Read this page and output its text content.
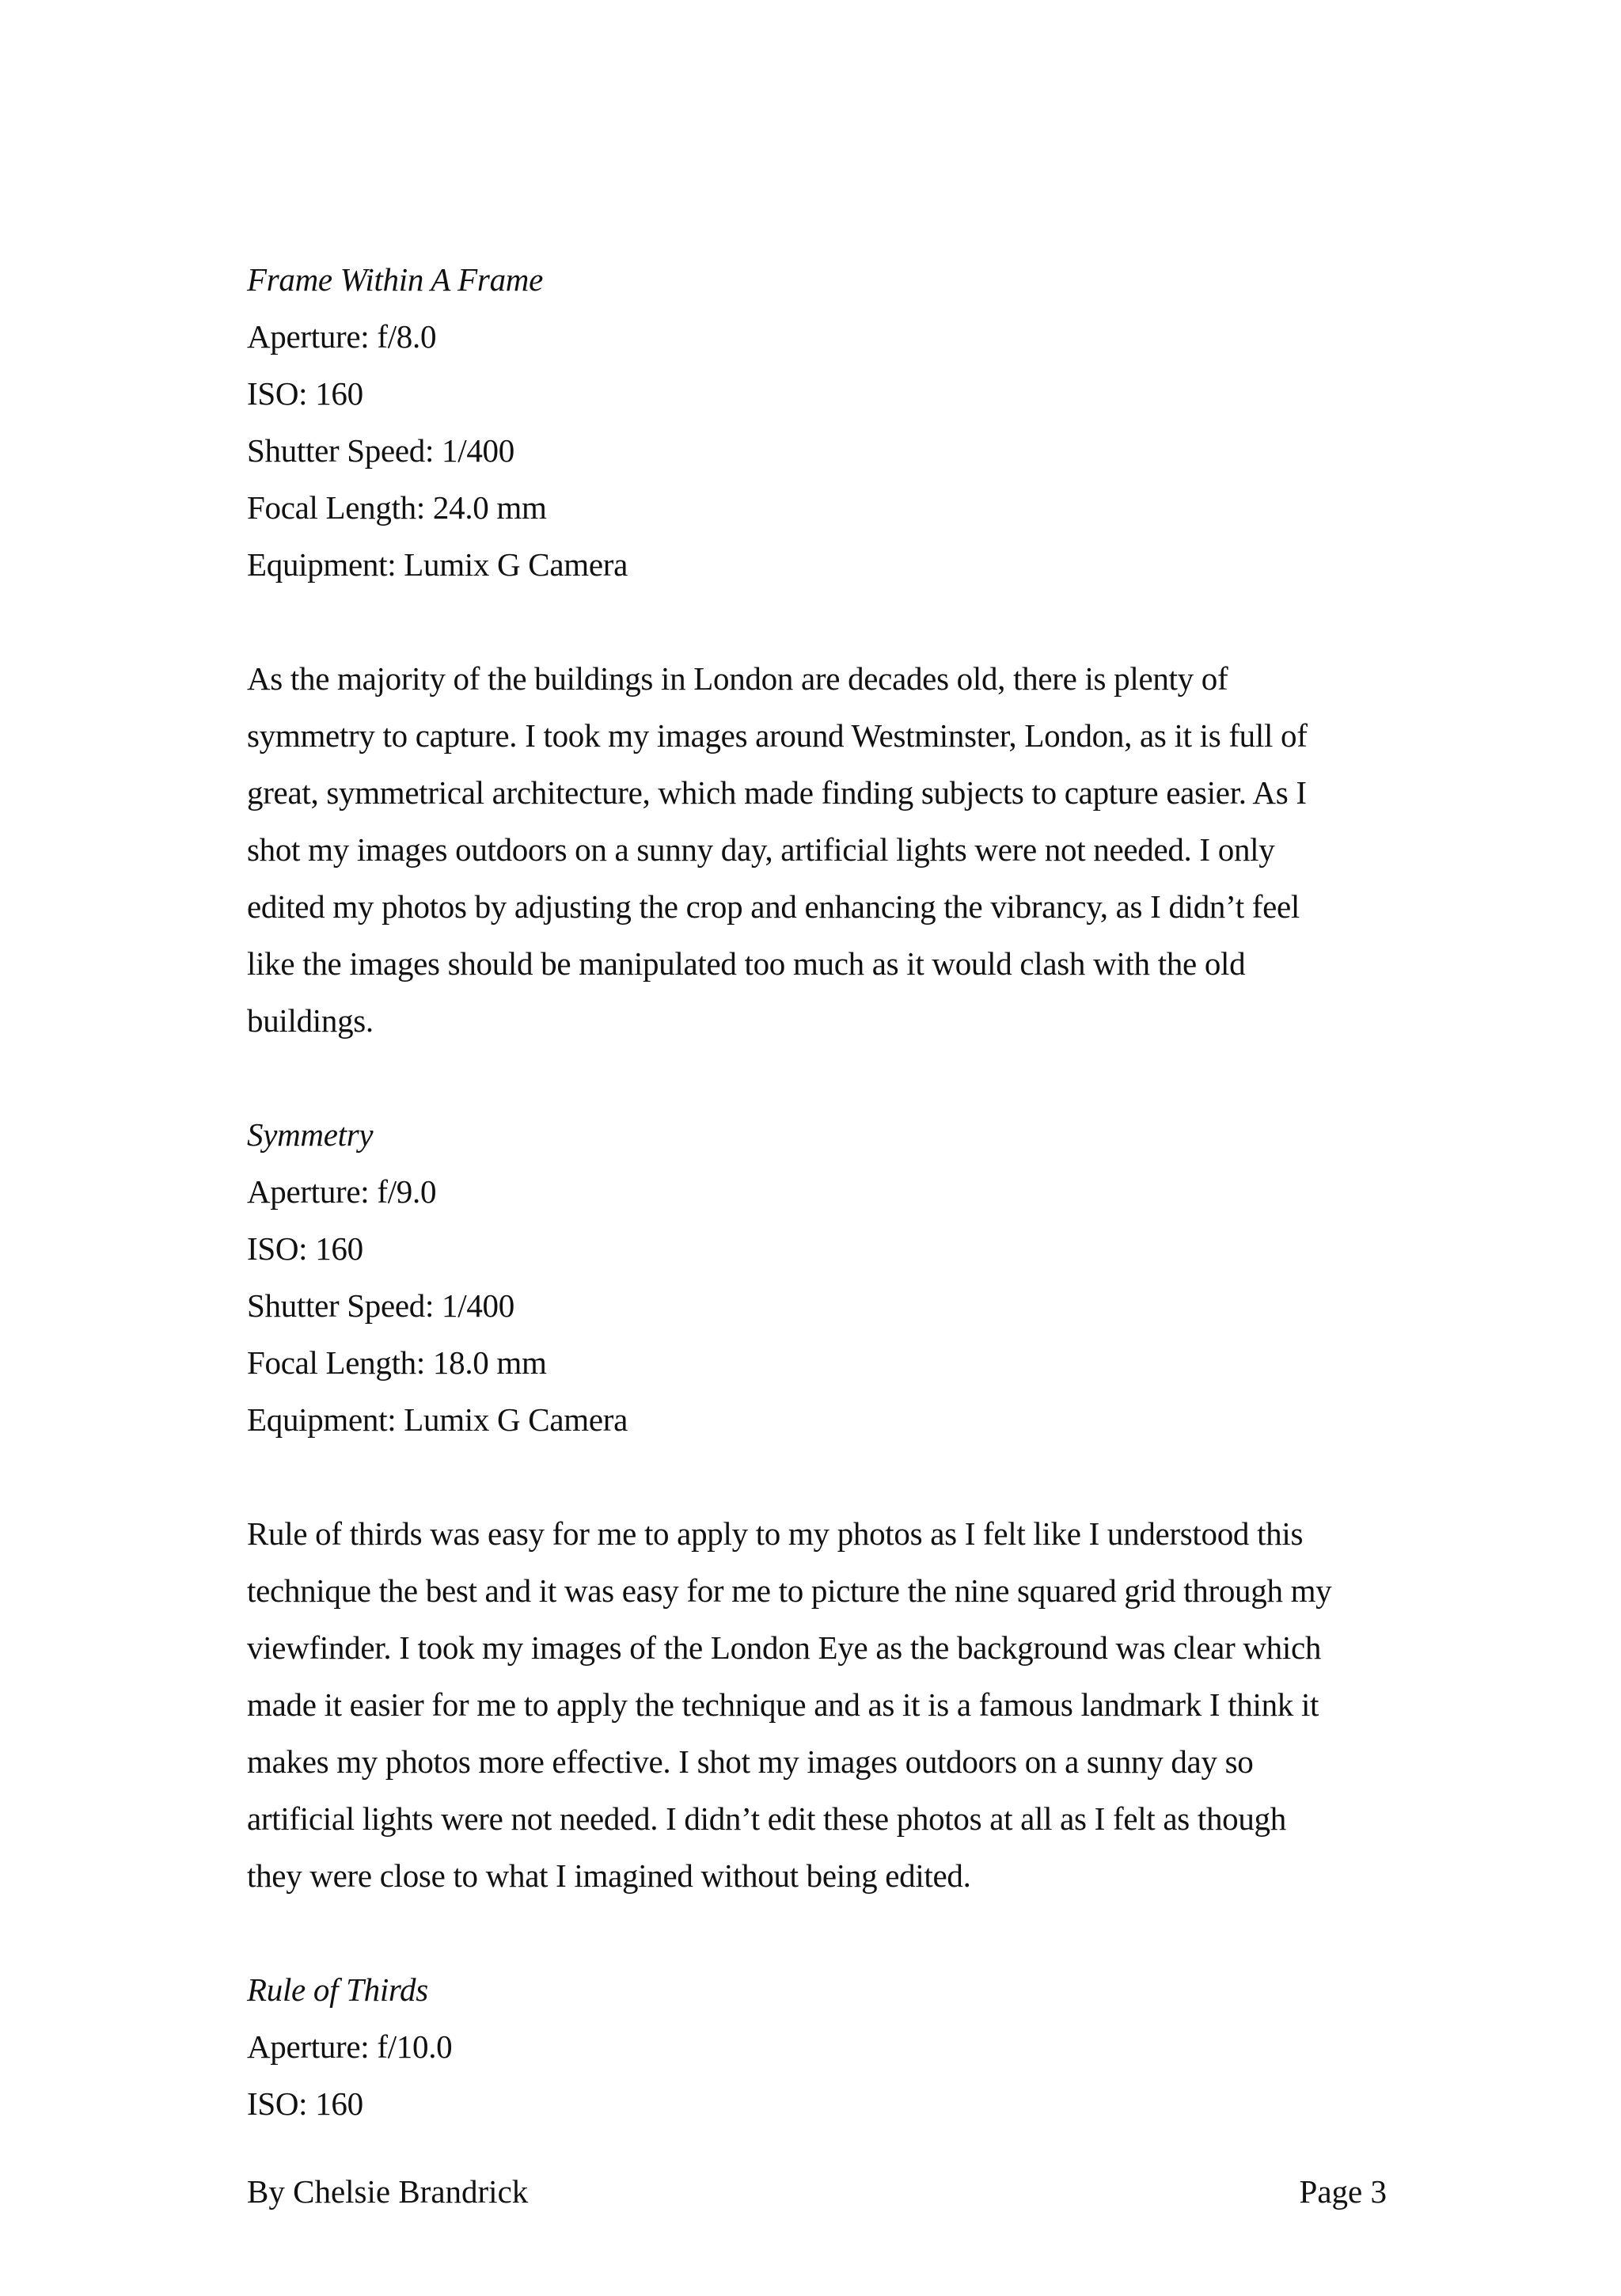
Frame Within A Frame
Aperture: f/8.0
ISO: 160
Shutter Speed: 1/400
Focal Length: 24.0 mm
Equipment: Lumix G Camera
As the majority of the buildings in London are decades old, there is plenty of
symmetry to capture. I took my images around Westminster, London, as it is full of
great, symmetrical architecture, which made finding subjects to capture easier. As I
shot my images outdoors on a sunny day, artificial lights were not needed. I only
edited my photos by adjusting the crop and enhancing the vibrancy, as I didn’t feel
like the images should be manipulated too much as it would clash with the old
buildings.
Symmetry
Aperture: f/9.0
ISO: 160
Shutter Speed: 1/400
Focal Length: 18.0 mm
Equipment: Lumix G Camera
Rule of thirds was easy for me to apply to my photos as I felt like I understood this
technique the best and it was easy for me to picture the nine squared grid through my
viewfinder. I took my images of the London Eye as the background was clear which
made it easier for me to apply the technique and as it is a famous landmark I think it
makes my photos more effective. I shot my images outdoors on a sunny day so
artificial lights were not needed. I didn’t edit these photos at all as I felt as though
they were close to what I imagined without being edited.
Rule of Thirds
Aperture: f/10.0
ISO: 160
By Chelsie Brandrick	Page 3
